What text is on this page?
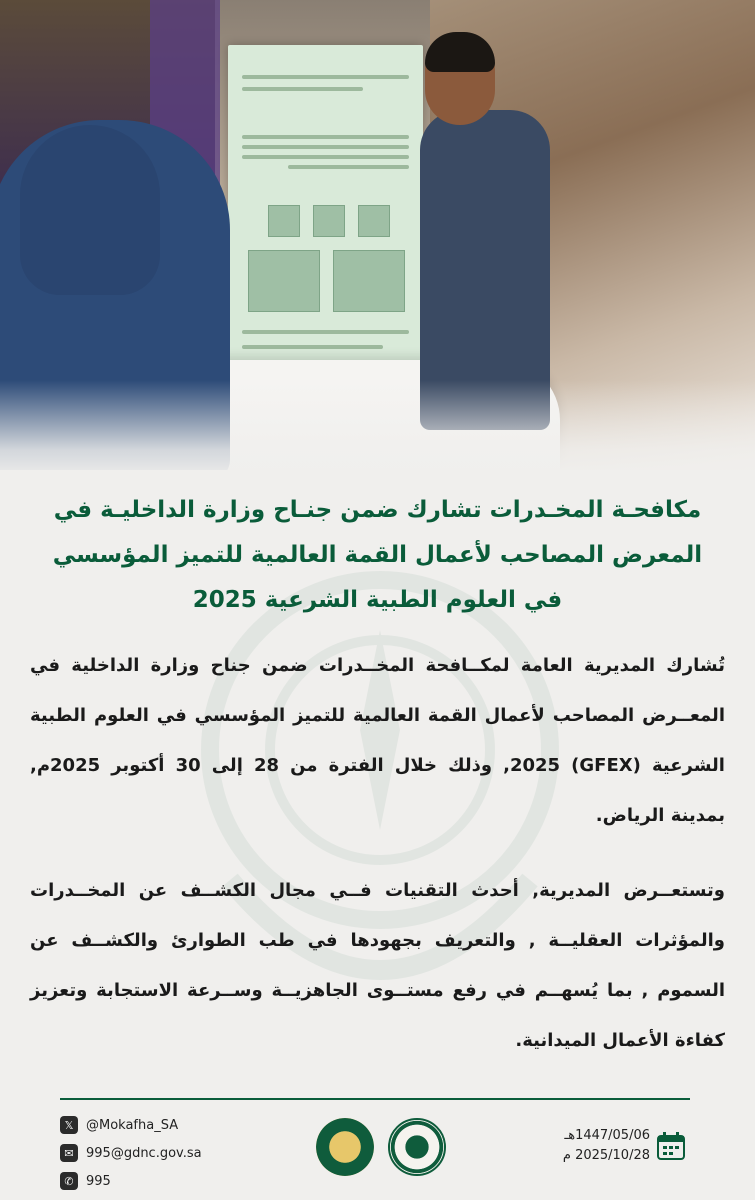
مكافحـة المخـدرات تشارك ضمن جنـاح وزارة الداخليـة في

المعرض المصاحب لأعمال القمة العالمية للتميز المؤسسي

في العلوم الطبية الشرعية 2025

تُشارك المديرية العامة لمكــافحة المخــدرات ضمن جناح وزارة الداخلية في المعــرض المصاحب لأعمال القمة العالمية للتميز المؤسسي في العلوم الطبية الشرعية (GFEX) 2025, وذلك خلال الفترة من 28 إلى 30 أكتوبر 2025م, بمدينة الرياض.

وتستعــرض المديرية, أحدث التقنيات فــي مجال الكشــف عن المخــدرات والمؤثرات العقليــة , والتعريف بجهودها في طب الطوارئ والكشــف عن السموم , بما يُسهــم في رفع مستــوى الجاهزيــة وســرعة الاستجابة وتعزيز كفاءة الأعمال الميدانية.

𝕏 @Mokafha_SA
✉ 995@gdnc.gov.sa
✆ 995
1447/05/06هـ
2025/10/28 م
